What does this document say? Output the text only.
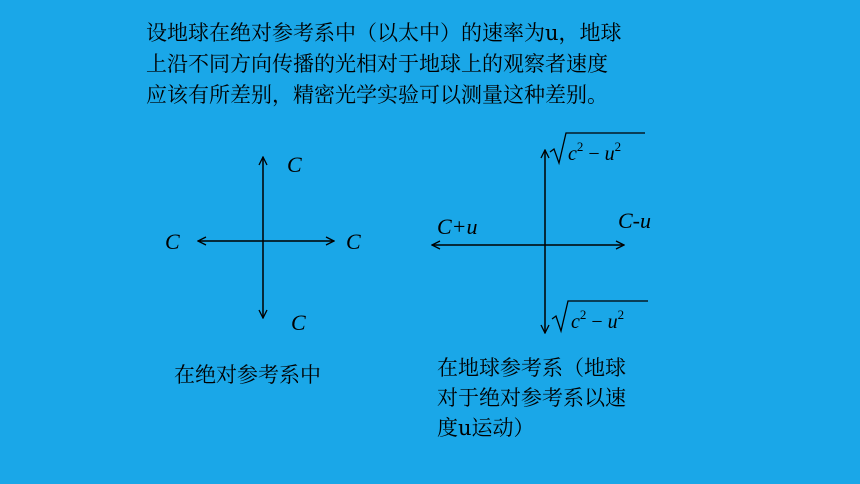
设地球在绝对参考系中（以太中）的速率为u，地球

上沿不同方向传播的光相对于地球上的观察者速度

应该有所差别，精密光学实验可以测量这种差别。

C
C
C	C
$c^2 - u^2$
$c^2 - u^2$
C+u	C-u

在绝对参考系中	在地球参考系（地球

对于绝对参考系以速

度u运动）
